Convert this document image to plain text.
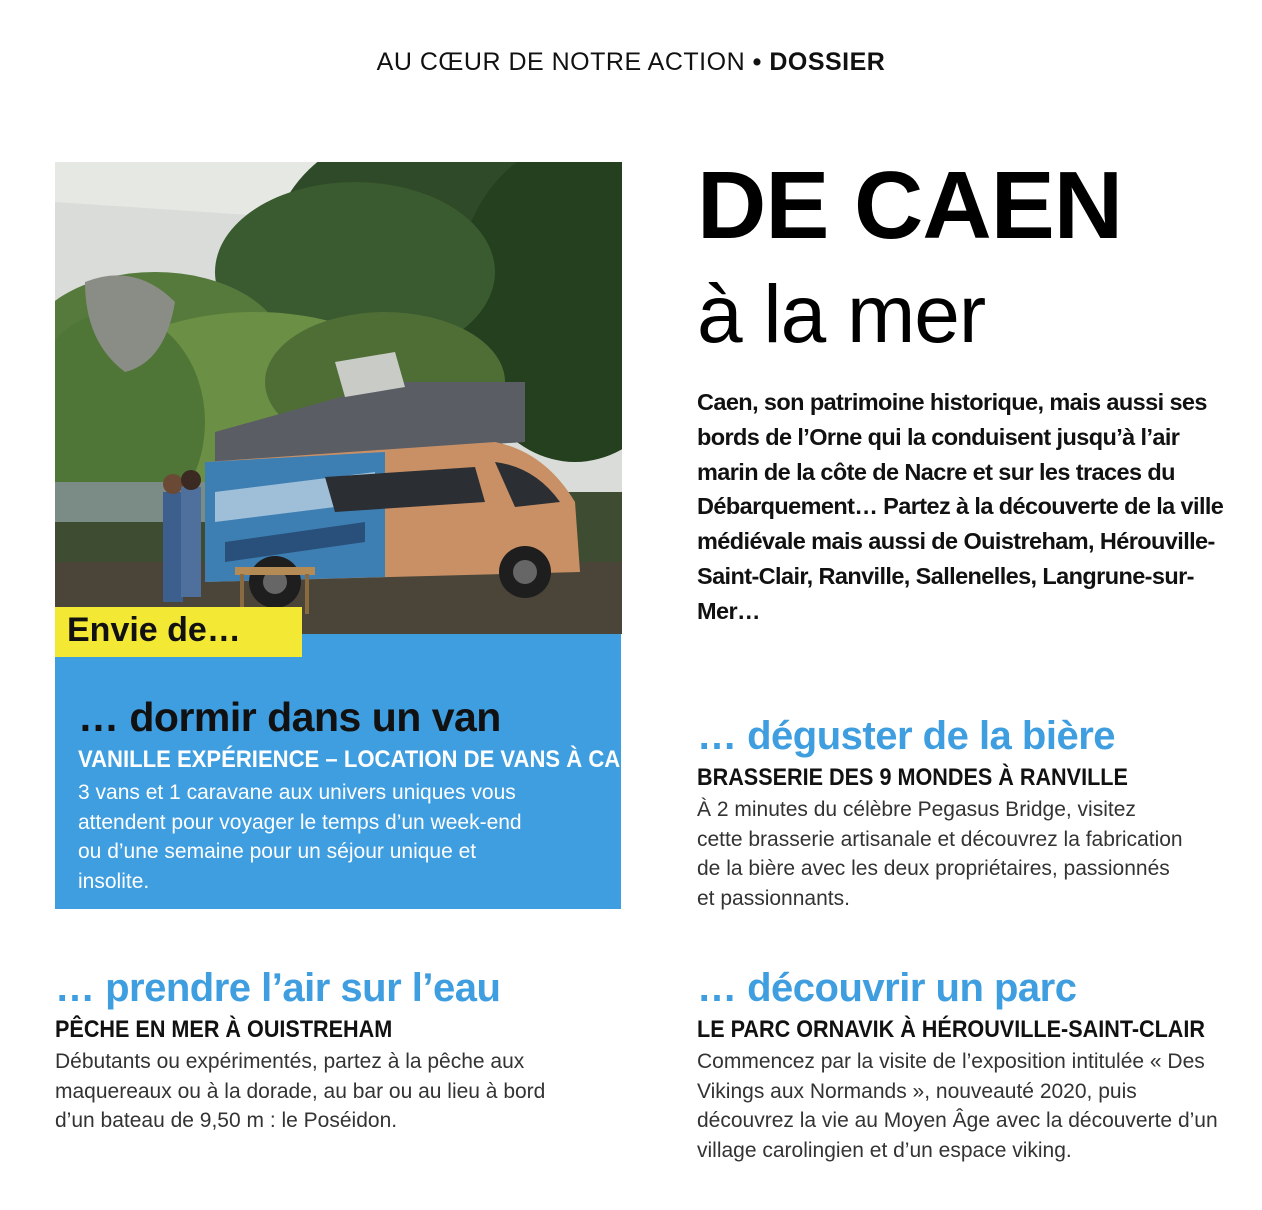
AU CŒUR DE NOTRE ACTION • DOSSIER
Envie de…
… dormir dans un van
VANILLE EXPÉRIENCE – LOCATION DE VANS À CAEN
3 vans et 1 caravane aux univers uniques vous attendent pour voyager le temps d’un week-end ou d’une semaine pour un séjour unique et insolite.
DE CAEN
à la mer
Caen, son patrimoine historique, mais aussi ses bords de l’Orne qui la conduisent jusqu’à l’air marin de la côte de Nacre et sur les traces du Débarquement… Partez à la découverte de la ville médiévale mais aussi de Ouistreham, Hérouville-Saint-Clair, Ranville, Sallenelles, Langrune-sur-Mer…
… déguster de la bière
BRASSERIE DES 9 MONDES À RANVILLE
À 2 minutes du célèbre Pegasus Bridge, visitez cette brasserie artisanale et découvrez la fabrication de la bière avec les deux propriétaires, passionnés et passionnants.
… prendre l’air sur l’eau
PÊCHE EN MER À OUISTREHAM
Débutants ou expérimentés, partez à la pêche aux maquereaux ou à la dorade, au bar ou au lieu à bord d’un bateau de 9,50 m : le Poséidon.
… découvrir un parc
LE PARC ORNAVIK À HÉROUVILLE-SAINT-CLAIR
Commencez par la visite de l’exposition intitulée « Des Vikings aux Normands », nouveauté 2020, puis découvrez la vie au Moyen Âge avec la découverte d’un village carolingien et d’un espace viking.
